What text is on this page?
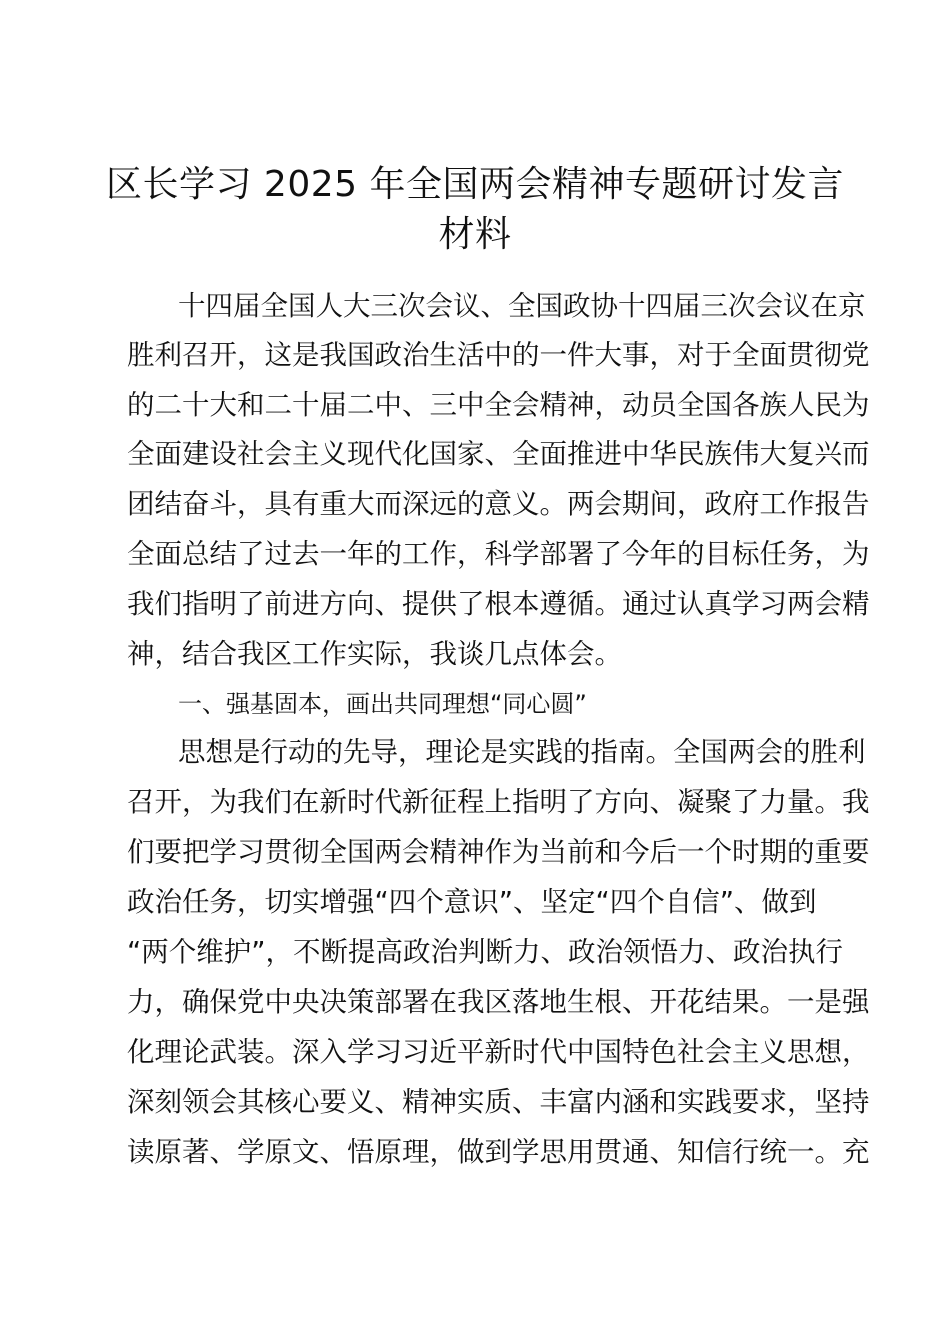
区长学习 2025 年全国两会精神专题研讨发言
材料
十四届全国人大三次会议、全国政协十四届三次会议在京
胜利召开，这是我国政治生活中的一件大事，对于全面贯彻党
的二十大和二十届二中、三中全会精神，动员全国各族人民为
全面建设社会主义现代化国家、全面推进中华民族伟大复兴而
团结奋斗，具有重大而深远的意义。两会期间，政府工作报告
全面总结了过去一年的工作，科学部署了今年的目标任务，为
我们指明了前进方向、提供了根本遵循。通过认真学习两会精
神，结合我区工作实际，我谈几点体会。
一、强基固本，画出共同理想“同心圆”
思想是行动的先导，理论是实践的指南。全国两会的胜利
召开，为我们在新时代新征程上指明了方向、凝聚了力量。我
们要把学习贯彻全国两会精神作为当前和今后一个时期的重要
政治任务，切实增强“四个意识”、坚定“四个自信”、做到
“两个维护”，不断提高政治判断力、政治领悟力、政治执行
力，确保党中央决策部署在我区落地生根、开花结果。一是强
化理论武装。深入学习习近平新时代中国特色社会主义思想，
深刻领会其核心要义、精神实质、丰富内涵和实践要求，坚持
读原著、学原文、悟原理，做到学思用贯通、知信行统一。充
